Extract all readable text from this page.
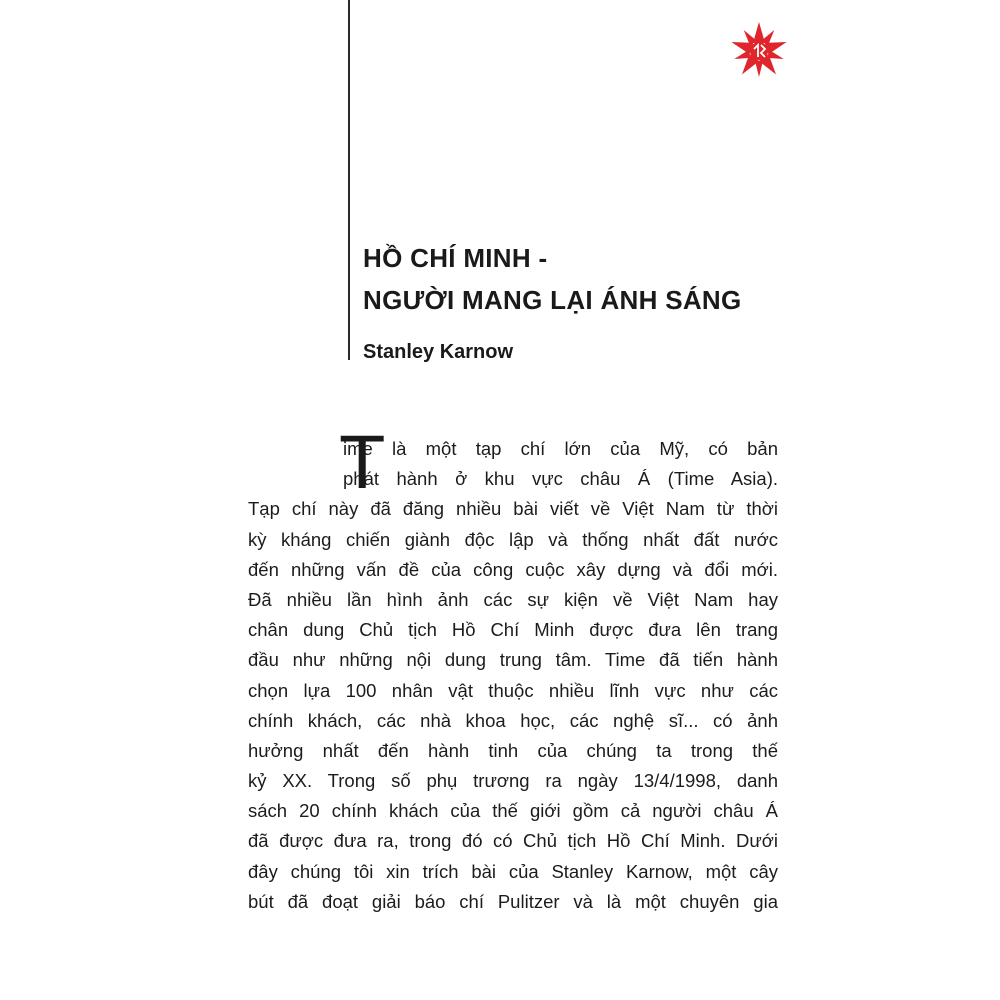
HỒ CHÍ MINH -
NGƯỜI MANG LẠI ÁNH SÁNG
Stanley Karnow
T
ime là một tạp chí lớn của Mỹ, có bản
phát hành ở khu vực châu Á (Time Asia).
Tạp chí này đã đăng nhiều bài viết về Việt Nam từ thời
kỳ kháng chiến giành độc lập và thống nhất đất nước
đến những vấn đề của công cuộc xây dựng và đổi mới.
Đã nhiều lần hình ảnh các sự kiện về Việt Nam hay
chân dung Chủ tịch Hồ Chí Minh được đưa lên trang
đầu như những nội dung trung tâm. Time đã tiến hành
chọn lựa 100 nhân vật thuộc nhiều lĩnh vực như các
chính khách, các nhà khoa học, các nghệ sĩ... có ảnh
hưởng nhất đến hành tinh của chúng ta trong thế
kỷ XX. Trong số phụ trương ra ngày 13/4/1998, danh
sách 20 chính khách của thế giới gồm cả người châu Á
đã được đưa ra, trong đó có Chủ tịch Hồ Chí Minh. Dưới
đây chúng tôi xin trích bài của Stanley Karnow, một cây
bút đã đoạt giải báo chí Pulitzer và là một chuyên gia
